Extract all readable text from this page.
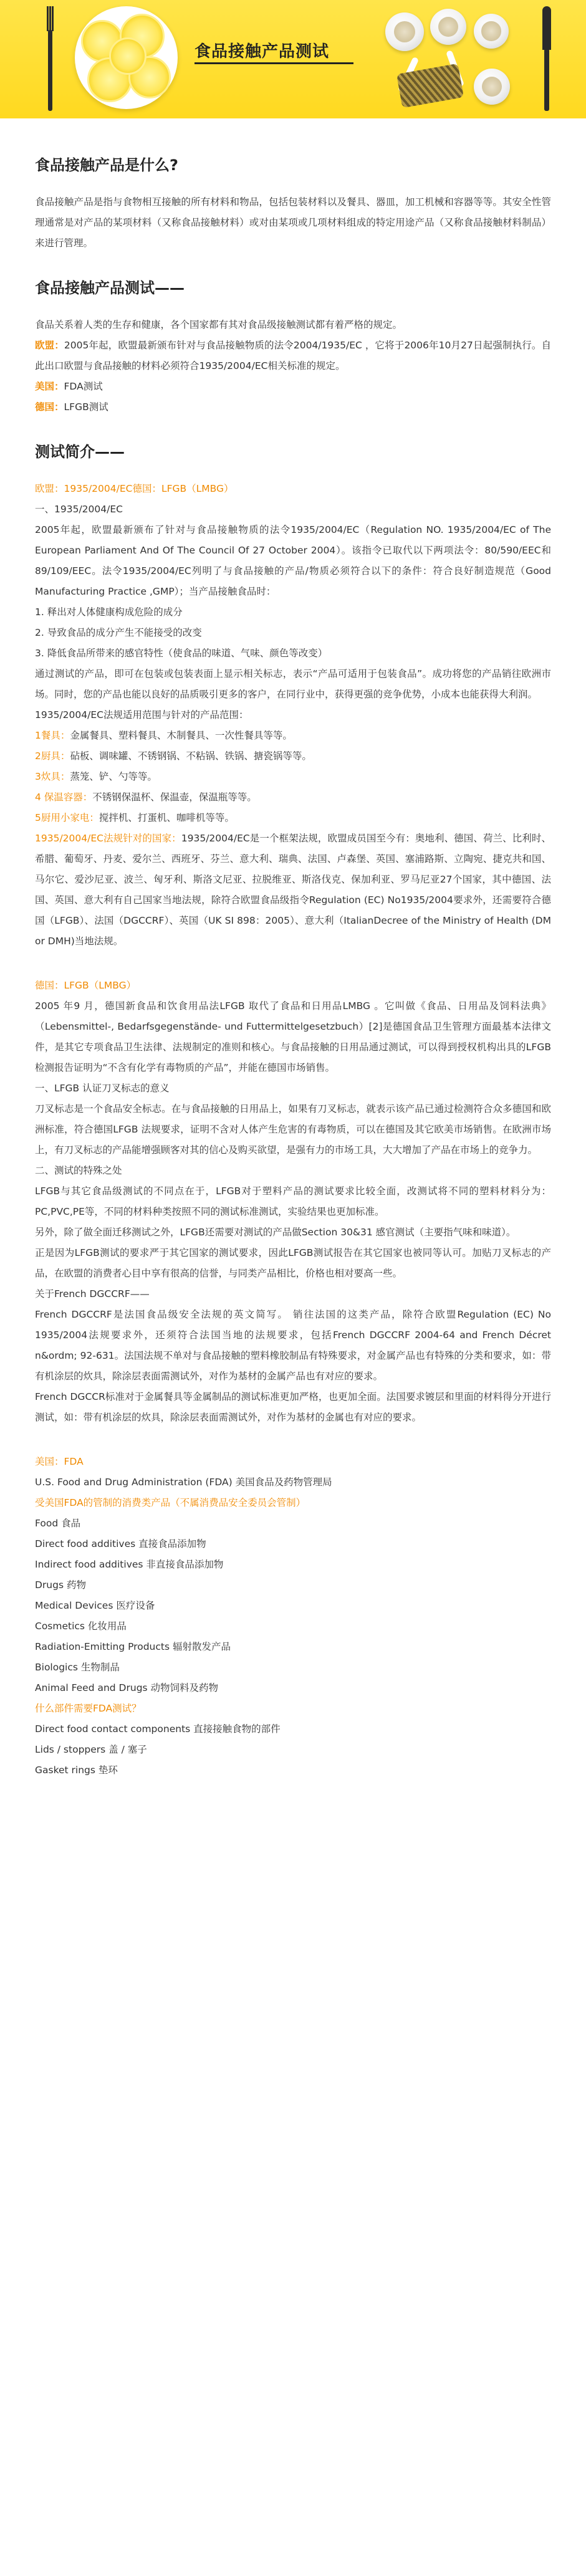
食品接触产品测试
食品接触产品是什么?

食品接触产品是指与食物相互接触的所有材料和物品，包括包装材料以及餐具、器皿，加工机械和容器等等。其安全性管理通常是对产品的某项材料（又称食品接触材料）或对由某项或几项材料组成的特定用途产品（又称食品接触材料制品）来进行管理。

食品接触产品测试——

食品关系着人类的生存和健康，各个国家都有其对食品级接触测试都有着严格的规定。

欧盟：2005年起，欧盟最新颁布针对与食品接触物质的法令2004/1935/EC ，它将于2006年10月27日起强制执行。自此出口欧盟与食品接触的材料必须符合1935/2004/EC相关标准的规定。

美国：FDA测试

德国：LFGB测试

测试简介——

欧盟：1935/2004/EC德国：LFGB（LMBG）

一、1935/2004/EC

2005年起，欧盟最新颁布了针对与食品接触物质的法令1935/2004/EC（Regulation NO. 1935/2004/EC of The European Parliament And Of The Council Of 27 October 2004）。该指令已取代以下两项法令：80/590/EEC和89/109/EEC。法令1935/2004/EC列明了与食品接触的产品/物质必须符合以下的条件：符合良好制造规范（Good Manufacturing Practice ,GMP）；当产品接触食品时：

1. 释出对人体健康构成危险的成分

2. 导致食品的成分产生不能接受的改变

3. 降低食品所带来的感官特性（使食品的味道、气味、颜色等改变）

通过测试的产品，即可在包装或包装表面上显示相关标志，表示“产品可适用于包装食品”。成功将您的产品销往欧洲市场。同时，您的产品也能以良好的品质吸引更多的客户，在同行业中，获得更强的竞争优势，小成本也能获得大利润。

1935/2004/EC法规适用范围与针对的产品范围：

1餐具：金属餐具、塑料餐具、木制餐具、一次性餐具等等。

2厨具：砧板、调味罐、不锈钢锅、不粘锅、铁锅、搪瓷锅等等。

3炊具：蒸笼、铲、勺等等。

4 保温容器：不锈钢保温杯、保温壶，保温瓶等等。

5厨用小家电：搅拌机、打蛋机、咖啡机等等。

1935/2004/EC法规针对的国家：1935/2004/EC是一个框架法规，欧盟成员国至今有：奥地利、德国、荷兰、比利时、希腊、葡萄牙、丹麦、爱尔兰、西班牙、芬兰、意大利、瑞典、法国、卢森堡、英国、塞浦路斯、立陶宛、捷克共和国、马尔它、爱沙尼亚、波兰、匈牙利、斯洛文尼亚、拉脱维亚、斯洛伐克、保加利亚、罗马尼亚27个国家，其中德国、法国、英国、意大利有自己国家当地法规，除符合欧盟食品级指令Regulation (EC) No1935/2004要求外，还需要符合德国（LFGB）、法国（DGCCRF）、英国（UK SI 898：2005）、意大利（ItalianDecree of the Ministry of Health (DM or DMH)当地法规。

德国：LFGB（LMBG）

2005 年9 月，德国新食品和饮食用品法LFGB 取代了食品和日用品LMBG 。它叫做《食品、日用品及饲料法典》（Lebensmittel-, Bedarfsgegenstände- und Futtermittelgesetzbuch）[2]是德国食品卫生管理方面最基本法律文件，是其它专项食品卫生法律、法规制定的准则和核心。与食品接触的日用品通过测试，可以得到授权机构出具的LFGB 检测报告证明为“不含有化学有毒物质的产品”，并能在德国市场销售。

一、LFGB 认证刀叉标志的意义

刀叉标志是一个食品安全标志。在与食品接触的日用品上，如果有刀叉标志，就表示该产品已通过检测符合众多德国和欧洲标准，符合德国LFGB 法规要求，证明不含对人体产生危害的有毒物质，可以在德国及其它欧美市场销售。在欧洲市场上，有刀叉标志的产品能增强顾客对其的信心及购买欲望，是强有力的市场工具，大大增加了产品在市场上的竞争力。

二、测试的特殊之处

LFGB与其它食品级测试的不同点在于，LFGB对于塑料产品的测试要求比较全面，改测试将不同的塑料材料分为：PC,PVC,PE等，不同的材料种类按照不同的测试标准测试，实验结果也更加标准。

另外，除了做全面迁移测试之外，LFGB还需要对测试的产品做Section 30&31 感官测试（主要指气味和味道）。

正是因为LFGB测试的要求严于其它国家的测试要求，因此LFGB测试报告在其它国家也被同等认可。加贴刀叉标志的产品，在欧盟的消费者心目中享有很高的信誉，与同类产品相比，价格也相对要高一些。

关于French DGCCRF——

French DGCCRF是法国食品级安全法规的英文简写。 销往法国的这类产品，除符合欧盟Regulation (EC) No 1935/2004法规要求外，还须符合法国当地的法规要求，包括French DGCCRF 2004-64 and French Décret n&ordm; 92-631。法国法规不单对与食品接触的塑料橡胶制品有特殊要求，对金属产品也有特殊的分类和要求，如：带有机涂层的炊具，除涂层表面需测试外，对作为基材的金属产品也有对应的要求。

French DGCCR标准对于金属餐具等金属制品的测试标准更加严格，也更加全面。法国要求镀层和里面的材料得分开进行测试，如：带有机涂层的炊具，除涂层表面需测试外，对作为基材的金属也有对应的要求。

美国：FDA

U.S. Food and Drug Administration (FDA) 美国食品及药物管理局

受美国FDA的管制的消费类产品（不属消费品安全委员会管制）

Food 食品

Direct food additives 直接食品添加物

Indirect food additives 非直接食品添加物

Drugs 药物

Medical Devices 医疗设备

Cosmetics 化妆用品

Radiation-Emitting Products 辐射散发产品

Biologics 生物制品

Animal Feed and Drugs 动物饲料及药物

什么部件需要FDA测试？

Direct food contact components 直接接触食物的部件

Lids / stoppers 盖 / 塞子

Gasket rings 垫环
